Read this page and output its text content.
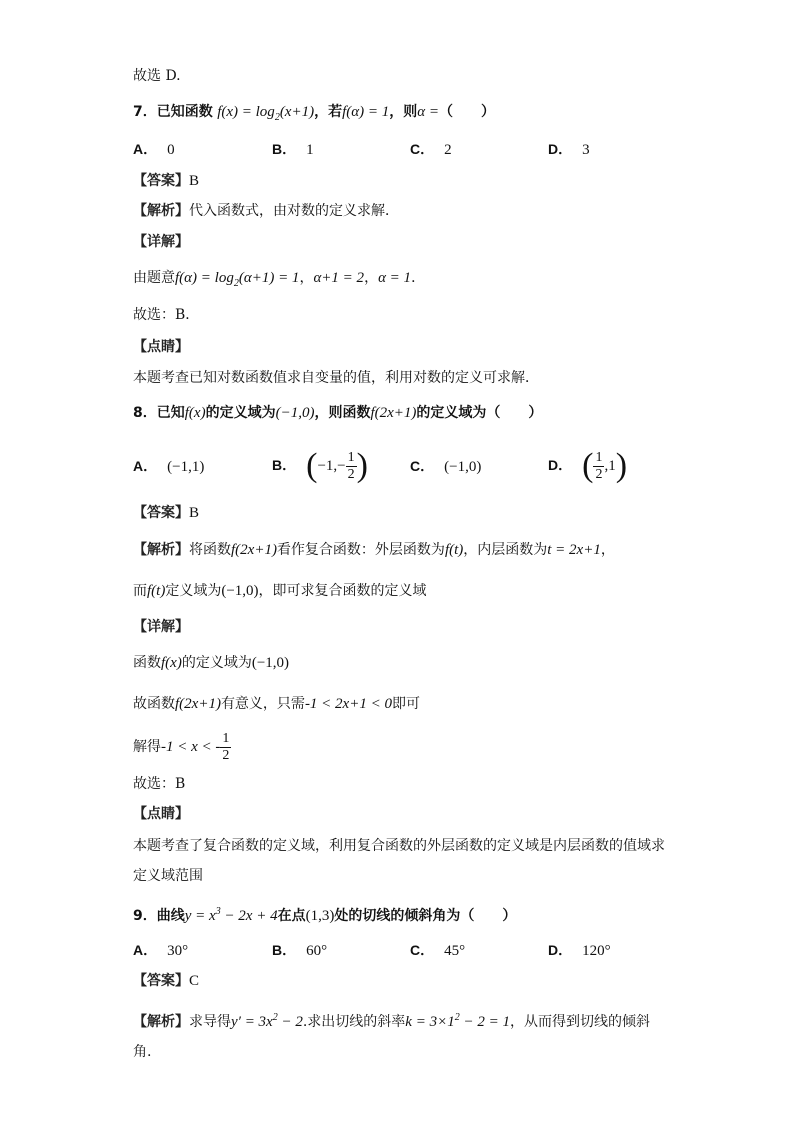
故选 D.
7．已知函数 $f(x) = \log_2(x+1)$，若f(α) = 1，则α =（　　）
A． 0	B． 1	C． 2	D． 3
【答案】B
【解析】代入函数式，由对数的定义求解．
【详解】
由题意$f(\alpha) = \log_2(\alpha+1) = 1$，α+1 = 2，α = 1．
故选：B．
【点睛】
本题考查已知对数函数值求自变量的值，利用对数的定义可求解．
8．已知f(x)的定义域为(−1,0)，则函数f(2x+1)的定义域为（　　）
A． (−1,1)	B． ($-1,- \frac{1}{2}$ )	C． (−1,0)	D． ( $\frac{1}{2} ,1$)
【答案】B
【解析】将函数f(2x+1)看作复合函数：外层函数为f(t)，内层函数为t = 2x+1，
而f(t)定义域为(−1,0)，即可求复合函数的定义域
【详解】
函数f(x)的定义域为(−1,0)
故函数f(2x+1)有意义，只需-1 < 2x+1 < 0即可
解得-1 < x < - $\frac{1}{2}$
故选：B
【点睛】
本题考查了复合函数的定义域，利用复合函数的外层函数的定义域是内层函数的值域求
定义域范围
9．曲线$y = x^3 - 2x + 4$在点(1,3)处的切线的倾斜角为（　　）
A． 30°	B． 60°	C． 45°	D． 120°
【答案】C
【解析】求导得$y' = 3x^2 - 2$.求出切线的斜率$k = 3\times 1^2 - 2 = 1$，从而得到切线的倾斜
角.
